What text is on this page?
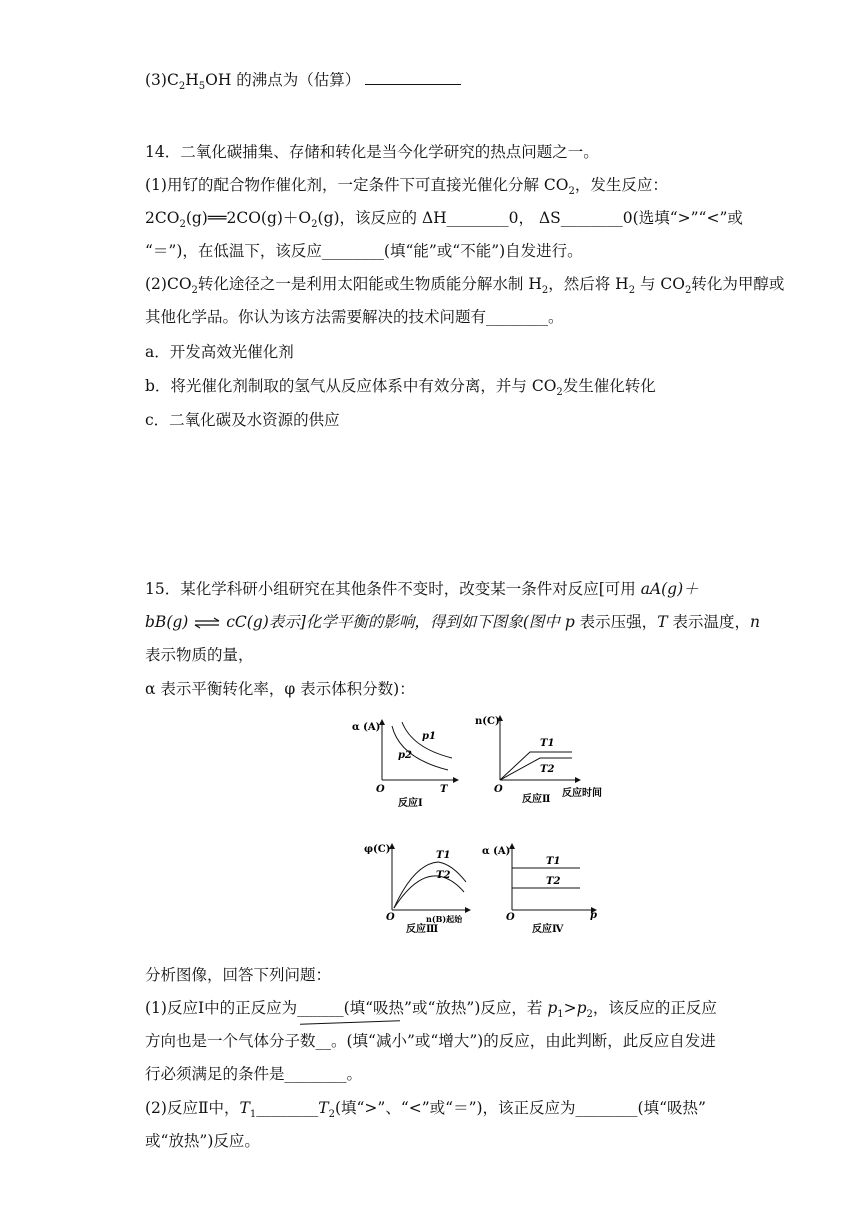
$(3)C_2H_5OH$ 的沸点为（估算）
14．二氧化碳捕集、存储和转化是当今化学研究的热点问题之一。
(1)用钌的配合物作催化剂，一定条件下可直接光催化分解 $CO_2$，发生反应：
$2CO_2(g)══2CO(g)+O_2(g)$，该反应的 ΔH________0， ΔS________0(选填“>”“<”或
“＝”)，在低温下，该反应________(填“能”或“不能”)自发进行。
$(2)CO_2$转化途径之一是利用太阳能或生物质能分解水制 $H_2$，然后将 $H_2$ 与 $CO_2$转化为甲醇或
其他化学品。你认为该方法需要解决的技术问题有________。
a．开发高效光催化剂
b．将光催化剂制取的氢气从反应体系中有效分离，并与 $CO_2$发生催化转化
c．二氧化碳及水资源的供应
15．某化学科研小组研究在其他条件不变时，改变某一条件对反应[可用 aA(g)＋
bB(g) ⇌ cC(g)表示]化学平衡的影响，得到如下图象(图中 p 表示压强，T 表示温度，n
表示物质的量，
α 表示平衡转化率，φ 表示体积分数)：
α (A)
O	T
p1
p2
反应Ⅰ
n(C)
O	反应时间
T1
T2
反应Ⅱ
φ(C)
O	n(B)起始
T1
T2
反应Ⅲ
α (A)
O	p
T1
T2
反应Ⅳ
分析图像，回答下列问题：
(1)反应Ⅰ中的正反应为______(填“吸热”或“放热”)反应，若 $p_1>p_2$，该反应的正反应
方向也是一个气体分子数__。(填“减小”或“增大”)的反应，由此判断，此反应自发进
行必须满足的条件是________。
(2)反应Ⅱ中，$T_1\_\_\_\_\_\_\_\_T_2$(填“>”、“<”或“＝”)，该正反应为________(填“吸热”
或“放热”)反应。
